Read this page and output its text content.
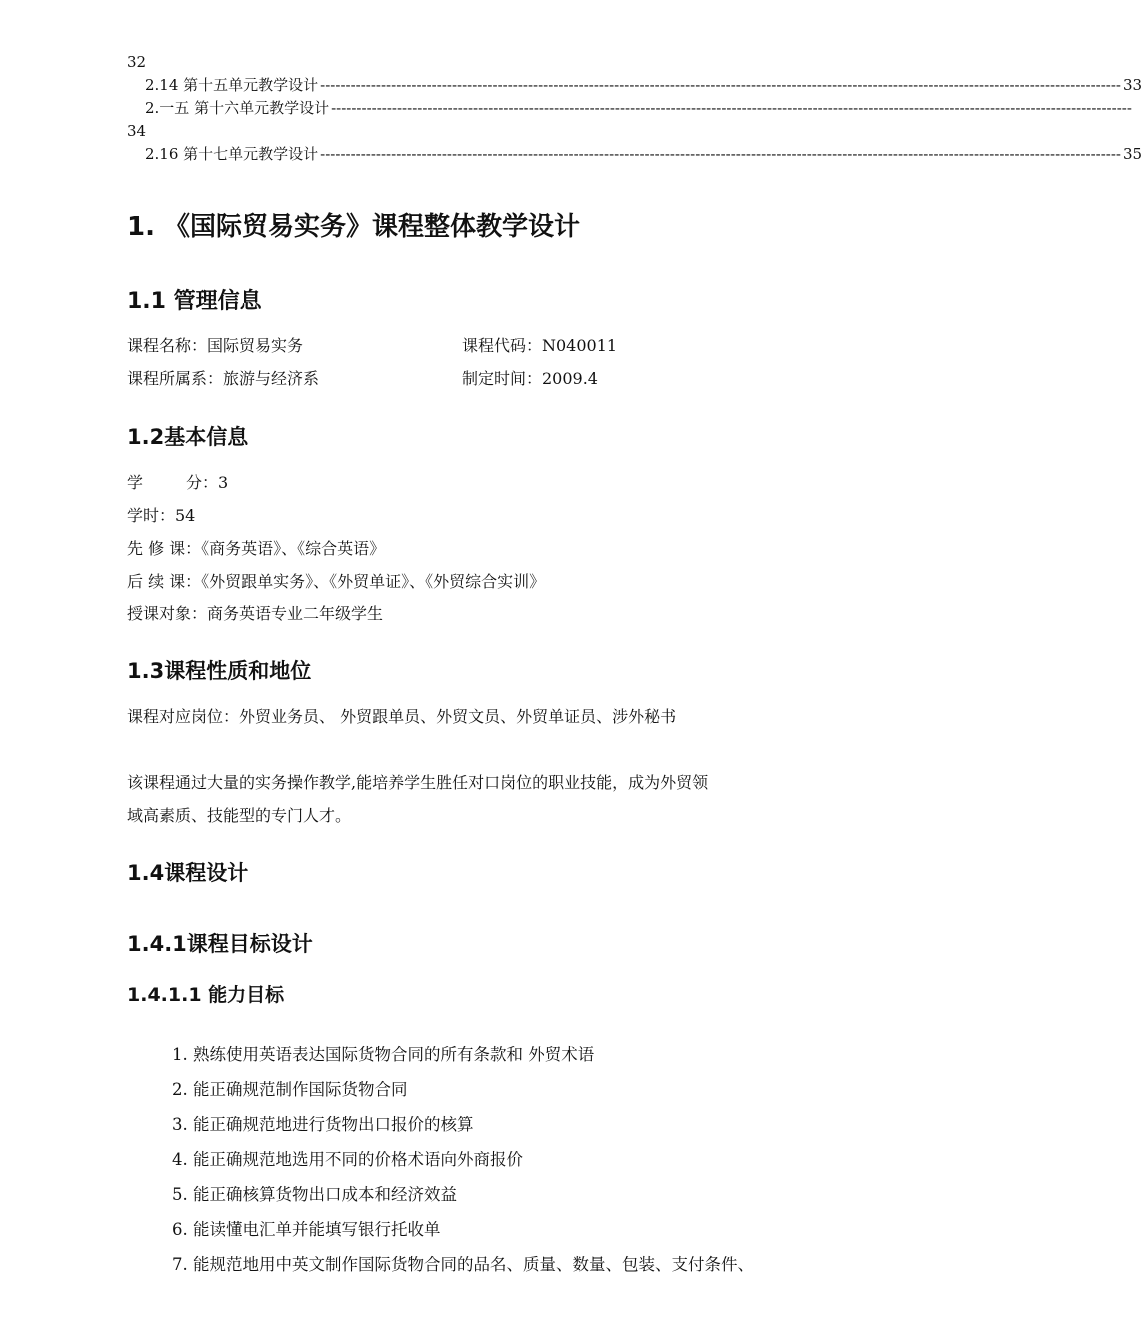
32
2.14 第十五单元教学设计 -------------------------------------------------------------------------------------------------------------------------------------------------------------- 33
2.一五 第十六单元教学设计 --------------------------------------------------------------------------------------------------------------------------------------------------------------
34
2.16 第十七单元教学设计 -------------------------------------------------------------------------------------------------------------------------------------------------------------- 35
1. 《国际贸易实务》课程整体教学设计
1.1 管理信息
课程名称：国际贸易实务	课程代码：N040011
课程所属系：旅游与经济系	制定时间：2009.4
1.2基本信息
学	分：3
学时：54
先 修 课：《商务英语》、《综合英语》
后 续 课：《外贸跟单实务》、《外贸单证》、《外贸综合实训》
授课对象：商务英语专业二年级学生
1.3课程性质和地位
课程对应岗位：外贸业务员、 外贸跟单员、外贸文员、外贸单证员、涉外秘书
该课程通过大量的实务操作教学,能培养学生胜任对口岗位的职业技能，成为外贸领
域高素质、技能型的专门人才。
1.4课程设计
1.4.1课程目标设计
1.4.1.1 能力目标
1. 熟练使用英语表达国际货物合同的所有条款和 外贸术语
2. 能正确规范制作国际货物合同
3. 能正确规范地进行货物出口报价的核算
4. 能正确规范地选用不同的价格术语向外商报价
5. 能正确核算货物出口成本和经济效益
6. 能读懂电汇单并能填写银行托收单
7. 能规范地用中英文制作国际货物合同的品名、质量、数量、包装、支付条件、
